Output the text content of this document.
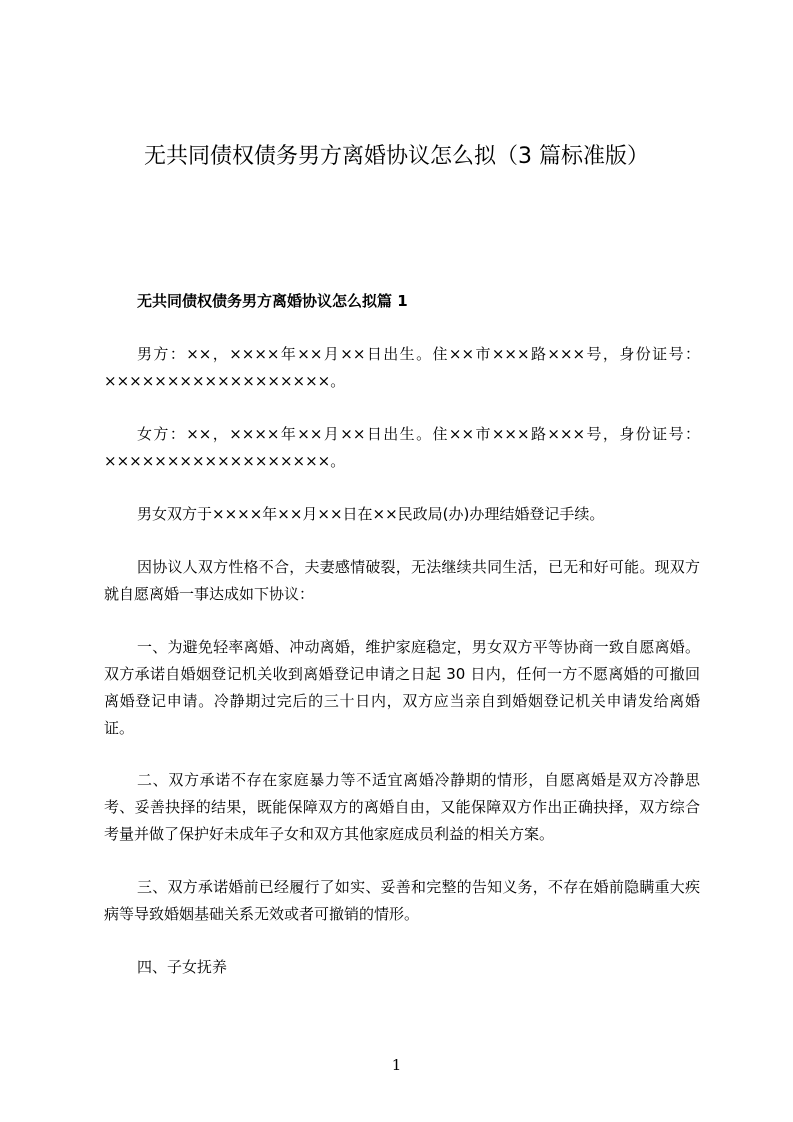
无共同债权债务男方离婚协议怎么拟（3 篇标准版）
无共同债权债务男方离婚协议怎么拟篇 1

男方：××，××××年××月××日出生。住××市×××路×××号，身份证号：××××××××××××××××××。

女方：××，××××年××月××日出生。住××市×××路×××号，身份证号：××××××××××××××××××。

男女双方于××××年××月××日在××民政局(办)办理结婚登记手续。

因协议人双方性格不合，夫妻感情破裂，无法继续共同生活，已无和好可能。现双方就自愿离婚一事达成如下协议：

一、为避免轻率离婚、冲动离婚，维护家庭稳定，男女双方平等协商一致自愿离婚。双方承诺自婚姻登记机关收到离婚登记申请之日起 30 日内，任何一方不愿离婚的可撤回离婚登记申请。冷静期过完后的三十日内，双方应当亲自到婚姻登记机关申请发给离婚证。

二、双方承诺不存在家庭暴力等不适宜离婚冷静期的情形，自愿离婚是双方冷静思考、妥善抉择的结果，既能保障双方的离婚自由，又能保障双方作出正确抉择，双方综合考量并做了保护好未成年子女和双方其他家庭成员利益的相关方案。

三、双方承诺婚前已经履行了如实、妥善和完整的告知义务，不存在婚前隐瞒重大疾病等导致婚姻基础关系无效或者可撤销的情形。

四、子女抚养

1
